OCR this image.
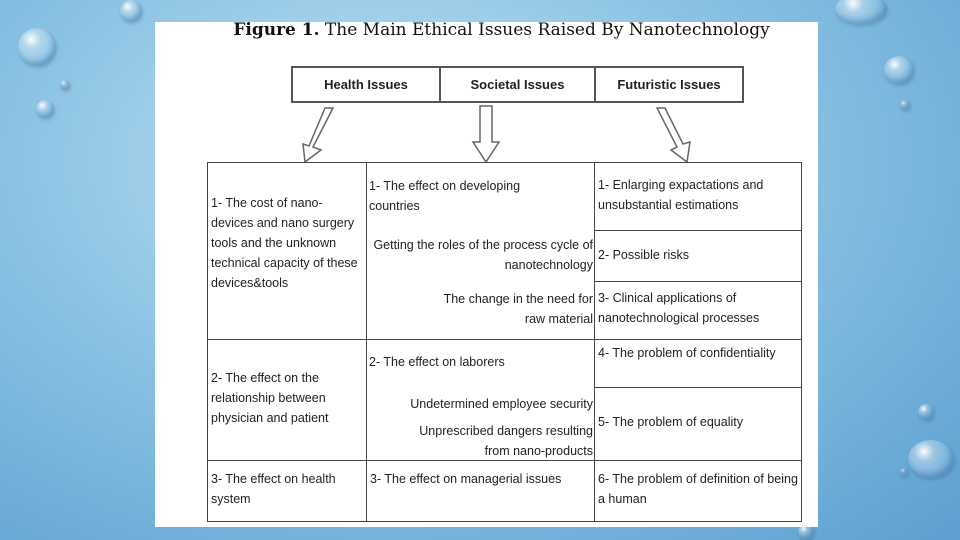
Figure 1. The Main Ethical Issues Raised By Nanotechnology
Health Issues	Societal Issues	Futuristic Issues
1- The cost of nano-devices and nano surgery tools and the unknown technical capacity of these devices&tools
2- The effect on the relationship between physician and patient
3- The effect on health system
1- The effect on developing countries
Getting the roles of the process cycle of nanotechnology
The change in the need for raw material
2- The effect on laborers
Undetermined employee security
Unprescribed dangers resulting from nano-products
3- The effect on managerial issues
1- Enlarging expactations and unsubstantial estimations
2- Possible risks
3- Clinical applications of nanotechnological processes
4- The problem of confidentiality
5- The problem of equality
6- The problem of definition of being a human
